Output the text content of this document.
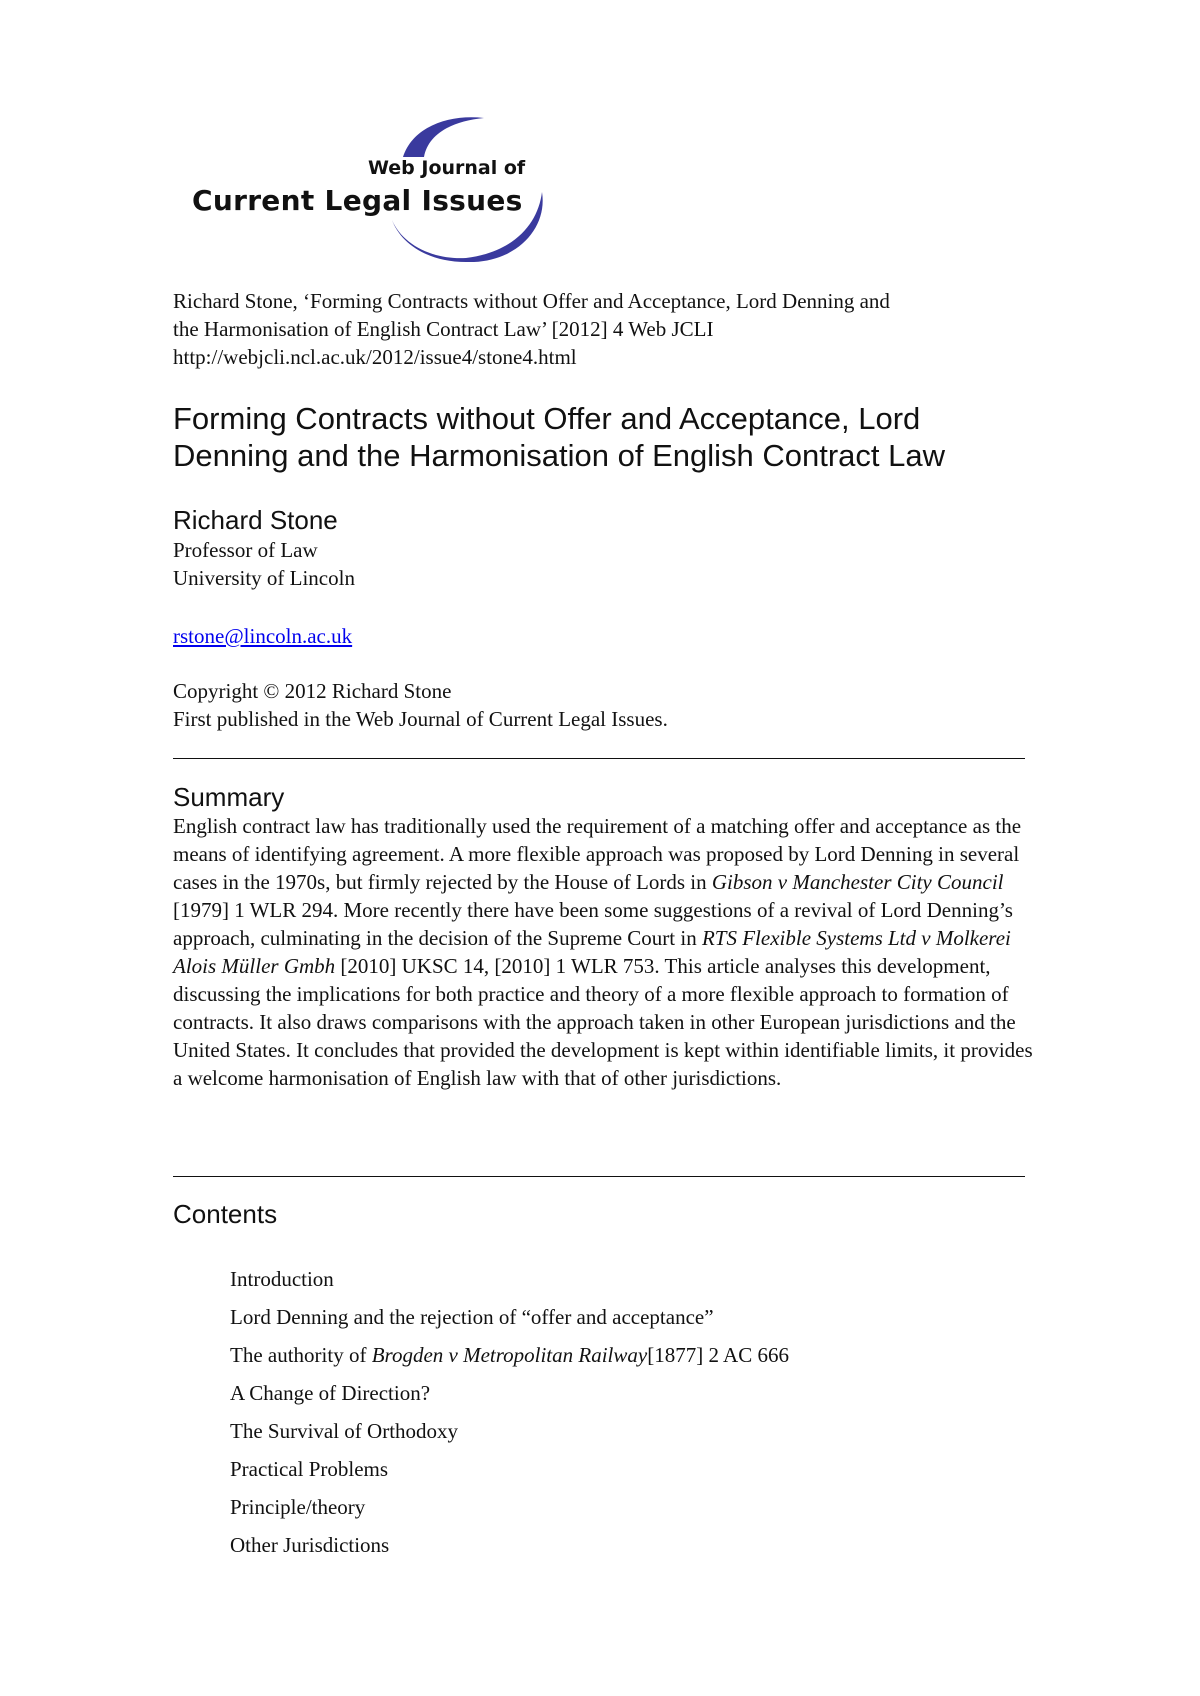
Web Journal of
Current Legal Issues
Richard Stone, ‘Forming Contracts without Offer and Acceptance, Lord Denning and
the Harmonisation of English Contract Law’ [2012] 4 Web JCLI
http://webjcli.ncl.ac.uk/2012/issue4/stone4.html
Forming Contracts without Offer and Acceptance, Lord
Denning and the Harmonisation of English Contract Law
Richard Stone
Professor of Law
University of Lincoln
rstone@lincoln.ac.uk
Copyright © 2012 Richard Stone
First published in the Web Journal of Current Legal Issues.
Summary

English contract law has traditionally used the requirement of a matching offer and acceptance as the means of identifying agreement. A more flexible approach was proposed by Lord Denning in several cases in the 1970s, but firmly rejected by the House of Lords in Gibson v Manchester City Council [1979] 1 WLR 294. More recently there have been some suggestions of a revival of Lord Denning’s approach, culminating in the decision of the Supreme Court in RTS Flexible Systems Ltd v Molkerei Alois Müller Gmbh [2010] UKSC 14, [2010] 1 WLR 753. This article analyses this development, discussing the implications for both practice and theory of a more flexible approach to formation of contracts. It also draws comparisons with the approach taken in other European jurisdictions and the United States. It concludes that provided the development is kept within identifiable limits, it provides a welcome harmonisation of English law with that of other jurisdictions.

Contents
Introduction
Lord Denning and the rejection of “offer and acceptance”
The authority of Brogden v Metropolitan Railway[1877] 2 AC 666
A Change of Direction?
The Survival of Orthodoxy
Practical Problems
Principle/theory
Other Jurisdictions
